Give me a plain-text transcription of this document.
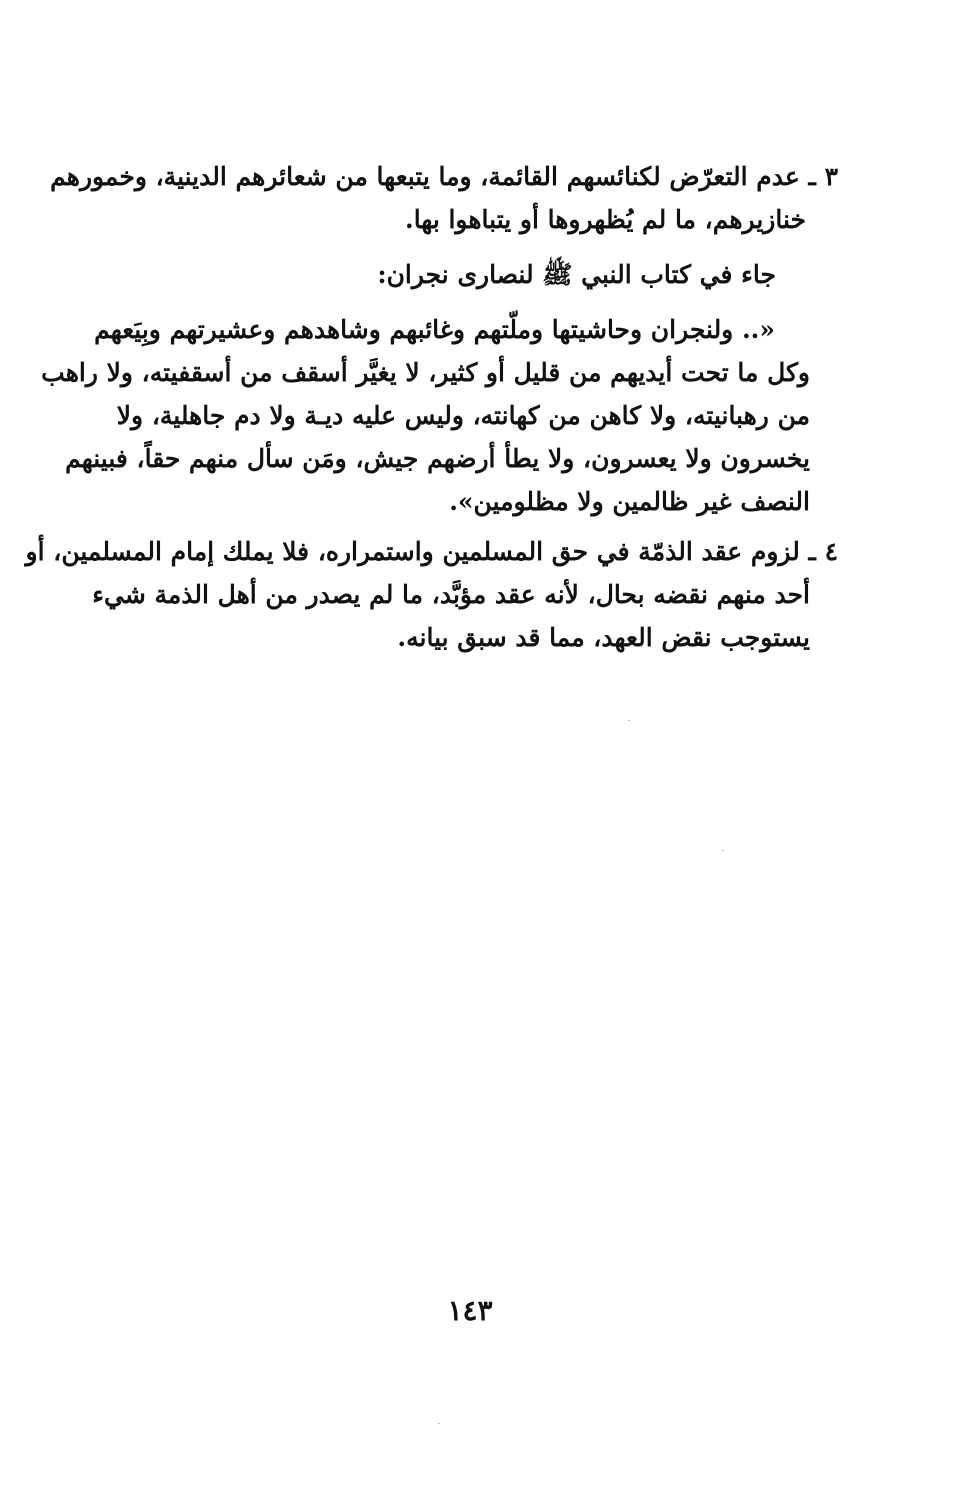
٣ ـ عدم التعرّض لكنائسهم القائمة، وما يتبعها من شعائرهم الدينية، وخمورهم
خنازيرهم، ما لم يُظهروها أو يتباهوا بها.
جاء في كتاب النبي ﷺ لنصارى نجران:
«.. ولنجران وحاشيتها وملّتهم وغائبهم وشاهدهم وعشيرتهم وبِيَعهم
وكل ما تحت أيديهم من قليل أو كثير، لا يغيَّر أسقف من أسقفيته، ولا راهب
من رهبانيته، ولا كاهن من كهانته، وليس عليه ديـة ولا دم جاهلية، ولا
يخسرون ولا يعسرون، ولا يطأ أرضهم جيش، ومَن سأل منهم حقاً، فبينهم
النصف غير ظالمين ولا مظلومين».
٤ ـ لزوم عقد الذمّة في حق المسلمين واستمراره، فلا يملك إمام المسلمين، أو
أحد منهم نقضه بحال، لأنه عقد مؤبَّد، ما لم يصدر من أهل الذمة شيء
يستوجب نقض العهد، مما قد سبق بيانه.
١٤٣
